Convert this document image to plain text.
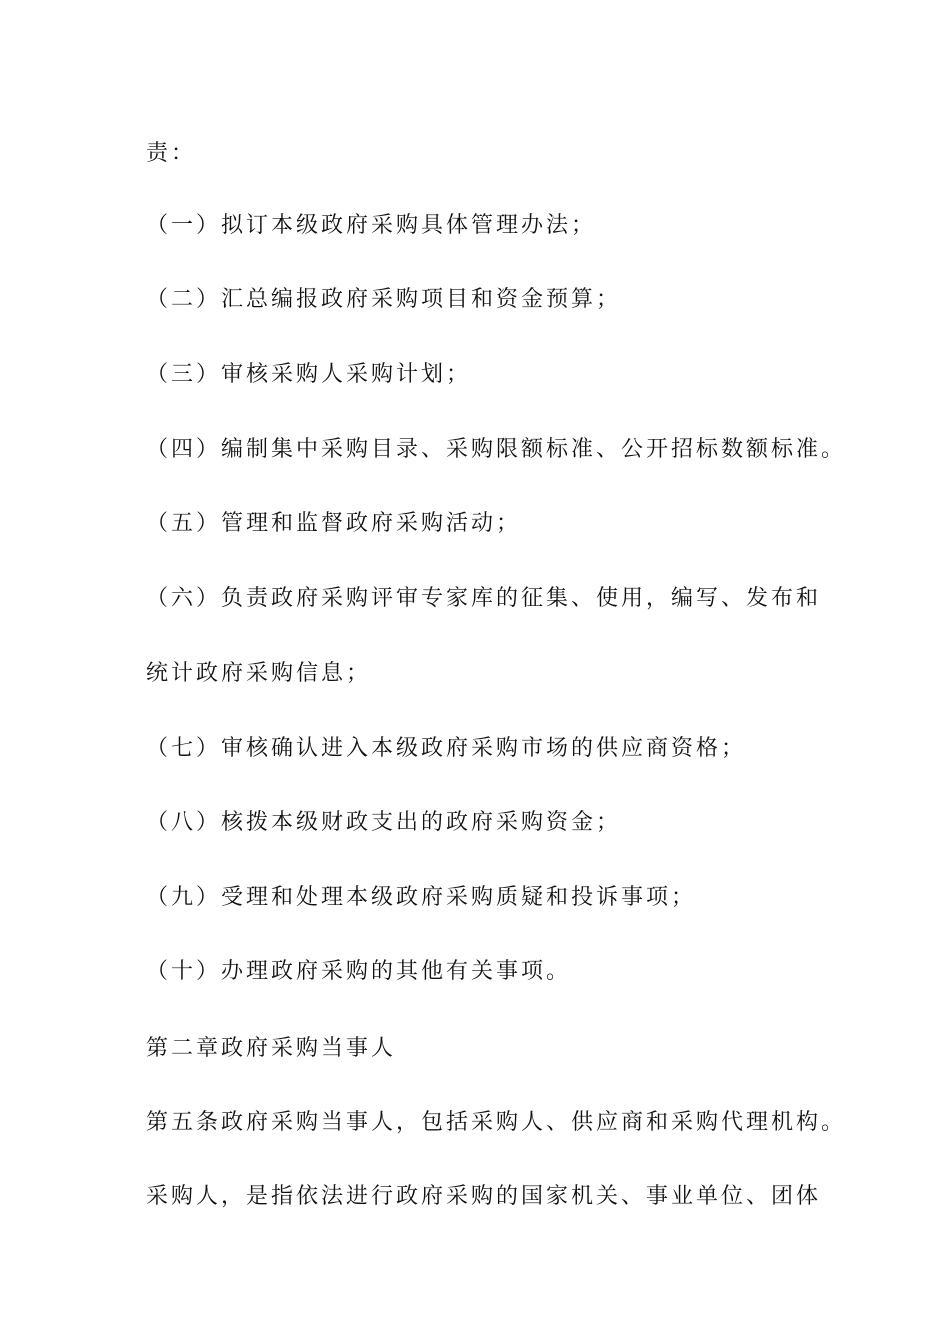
责：
（一）拟订本级政府采购具体管理办法；
（二）汇总编报政府采购项目和资金预算；
（三）审核采购人采购计划；
（四）编制集中采购目录、采购限额标准、公开招标数额标准。
（五）管理和监督政府采购活动；
（六）负责政府采购评审专家库的征集、使用，编写、发布和
统计政府采购信息；
（七）审核确认进入本级政府采购市场的供应商资格；
（八）核拨本级财政支出的政府采购资金；
（九）受理和处理本级政府采购质疑和投诉事项；
（十）办理政府采购的其他有关事项。
第二章政府采购当事人
第五条政府采购当事人，包括采购人、供应商和采购代理机构。
采购人，是指依法进行政府采购的国家机关、事业单位、团体
